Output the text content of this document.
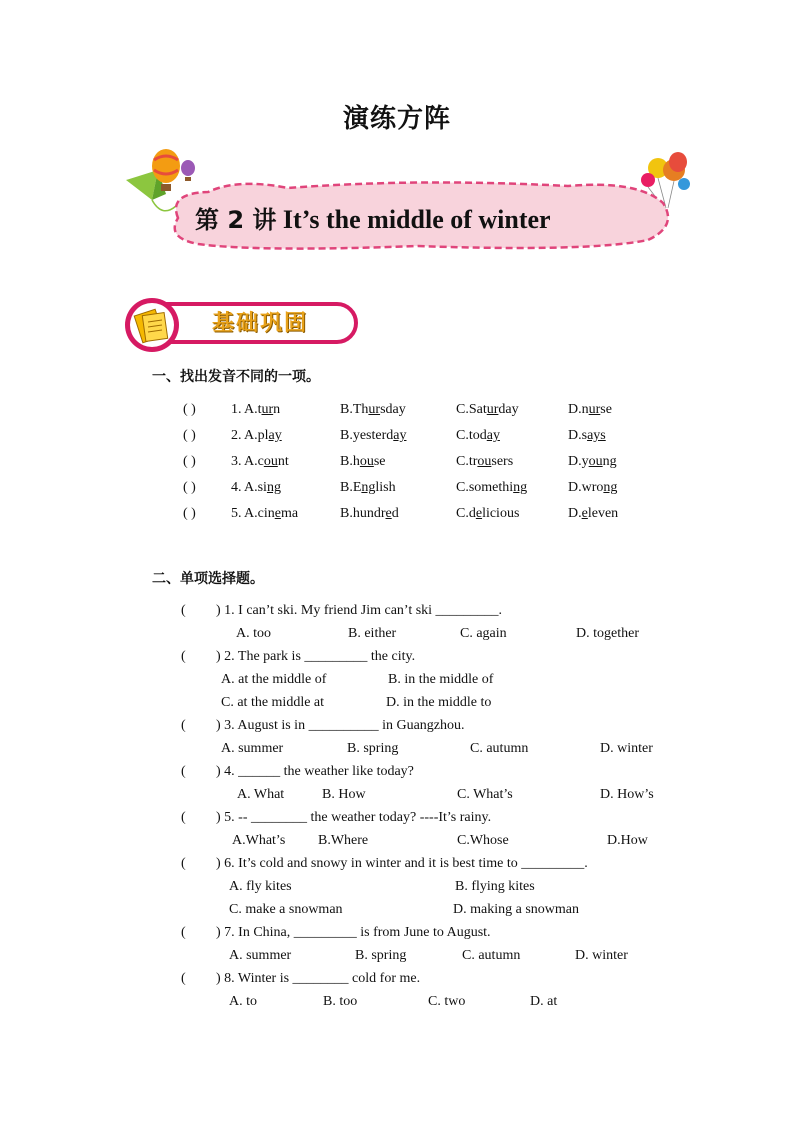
演练方阵
第 2 讲 It’s the middle of winter
基础巩固
一、找出发音不同的一项。
( )	1. A.turn	B.Thursday	C.Saturday	D.nurse
( )	2. A.play	B.yesterday	C.today	D.says
( )	3. A.count	B.house	C.trousers	D.young
( )	4. A.sing	B.English	C.something	D.wrong
( )	5. A.cinema	B.hundred	C.delicious	D.eleven
二、单项选择题。
( ) 1. I can’t ski. My friend Jim can’t ski _________.
A. too	B. either	C. again	D. together
( ) 2. The park is _________ the city.
A. at the middle of	B. in the middle of
C. at the middle at	D. in the middle to
( ) 3. August is in __________ in Guangzhou.
A. summer	B. spring	C. autumn	D. winter
( ) 4. ______ the weather like today?
A. What	B. How	C. What’s	D. How’s
( ) 5. -- ________ the weather today? ----It’s rainy.
A.What’s B.Where	C.Whose	D.How
( ) 6. It’s cold and snowy in winter and it is best time to _________.
A. fly kites	B. flying kites
C. make a snowman	D. making a snowman
( ) 7. In China, _________ is from June to August.
A. summer	B. spring	C. autumn	D. winter
( ) 8. Winter is ________ cold for me.
A. to	B. too	C. two	D. at
